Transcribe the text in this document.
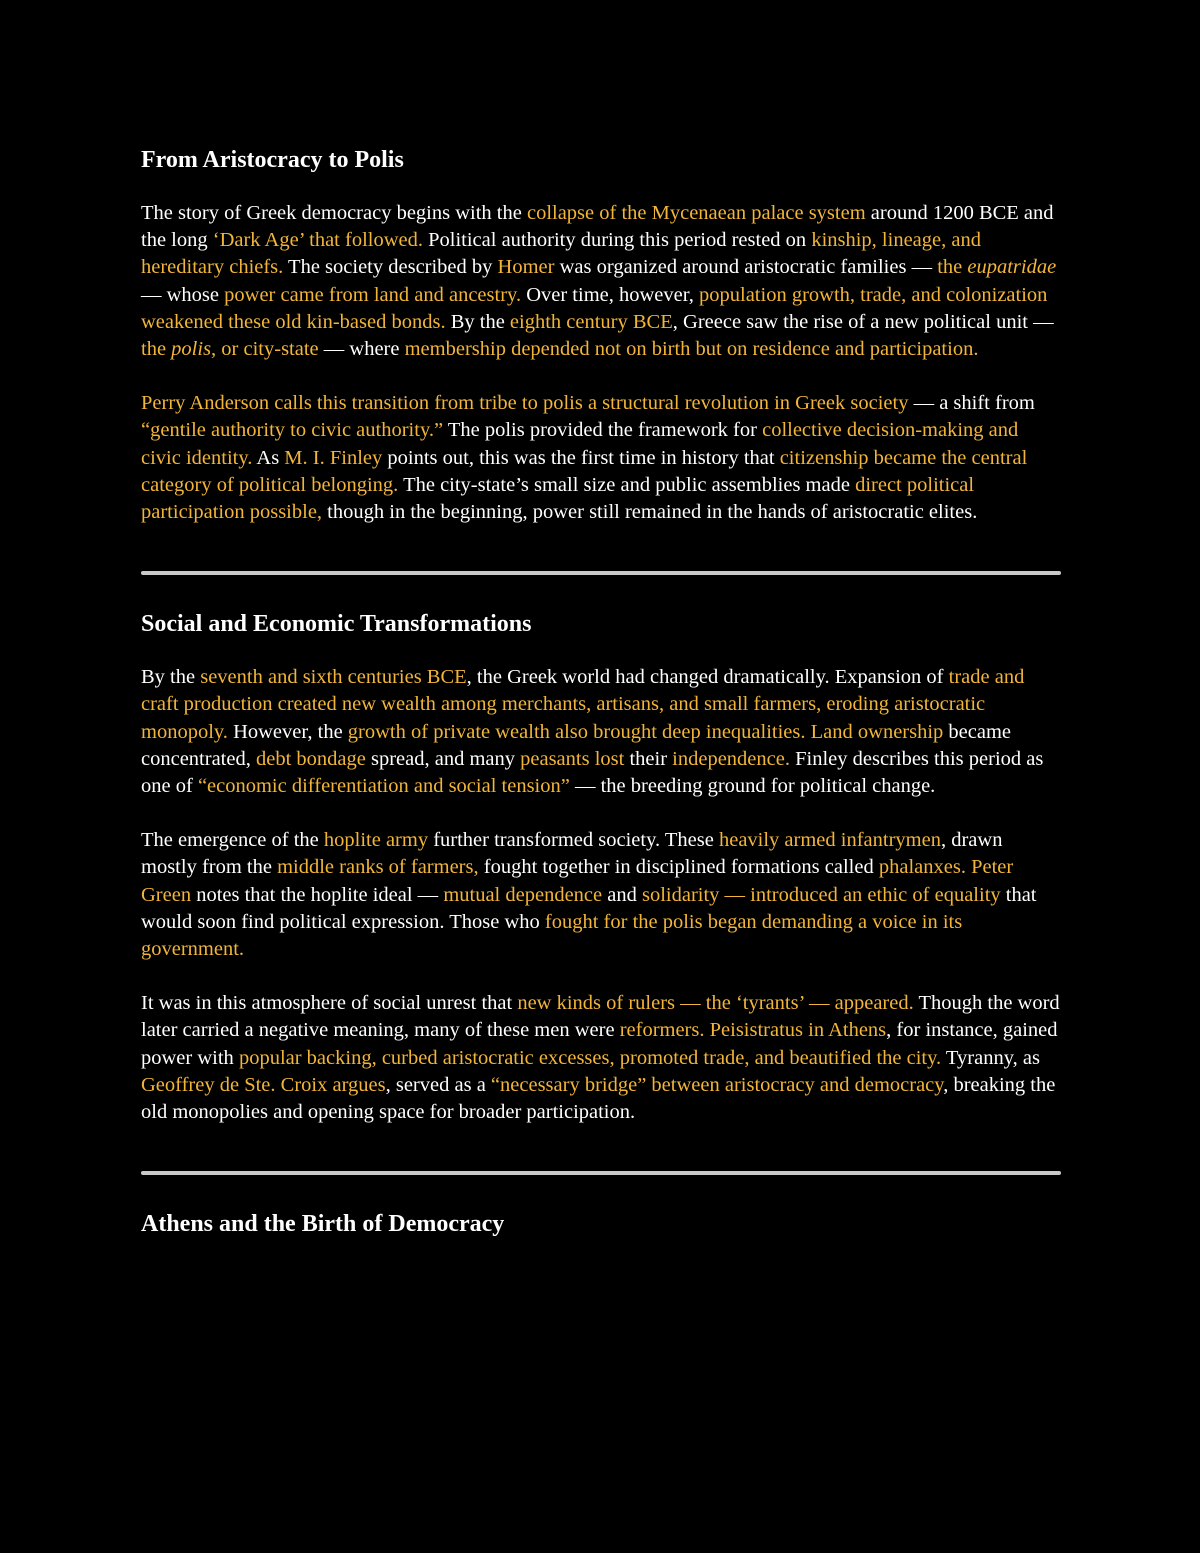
From Aristocracy to Polis

The story of Greek democracy begins with the collapse of the Mycenaean palace system around 1200 BCE and the long ‘Dark Age’ that followed. Political authority during this period rested on kinship, lineage, and hereditary chiefs. The society described by Homer was organized around aristocratic families — the eupatridae — whose power came from land and ancestry. Over time, however, population growth, trade, and colonization weakened these old kin-based bonds. By the eighth century BCE, Greece saw the rise of a new political unit — the polis, or city-state — where membership depended not on birth but on residence and participation.

Perry Anderson calls this transition from tribe to polis a structural revolution in Greek society — a shift from “gentile authority to civic authority.” The polis provided the framework for collective decision-making and civic identity. As M. I. Finley points out, this was the first time in history that citizenship became the central category of political belonging. The city-state’s small size and public assemblies made direct political participation possible, though in the beginning, power still remained in the hands of aristocratic elites.

Social and Economic Transformations

By the seventh and sixth centuries BCE, the Greek world had changed dramatically. Expansion of trade and craft production created new wealth among merchants, artisans, and small farmers, eroding aristocratic monopoly. However, the growth of private wealth also brought deep inequalities. Land ownership became concentrated, debt bondage spread, and many peasants lost their independence. Finley describes this period as one of “economic differentiation and social tension” — the breeding ground for political change.

The emergence of the hoplite army further transformed society. These heavily armed infantrymen, drawn mostly from the middle ranks of farmers, fought together in disciplined formations called phalanxes. Peter Green notes that the hoplite ideal — mutual dependence and solidarity — introduced an ethic of equality that would soon find political expression. Those who fought for the polis began demanding a voice in its government.

It was in this atmosphere of social unrest that new kinds of rulers — the ‘tyrants’ — appeared. Though the word later carried a negative meaning, many of these men were reformers. Peisistratus in Athens, for instance, gained power with popular backing, curbed aristocratic excesses, promoted trade, and beautified the city. Tyranny, as Geoffrey de Ste. Croix argues, served as a “necessary bridge” between aristocracy and democracy, breaking the old monopolies and opening space for broader participation.

Athens and the Birth of Democracy
